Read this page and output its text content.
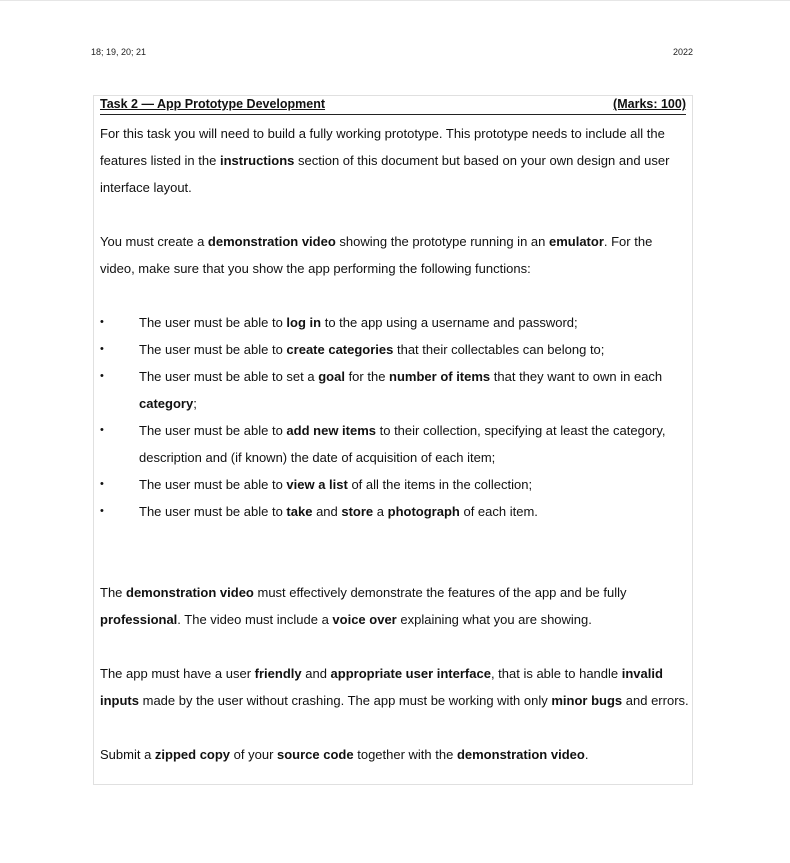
18; 19, 20; 21	2022
Task 2 — App Prototype Development	(Marks: 100)

For this task you will need to build a fully working prototype. This prototype needs to include all the features listed in the instructions section of this document but based on your own design and user interface layout.

You must create a demonstration video showing the prototype running in an emulator. For the video, make sure that you show the app performing the following functions:

•	The user must be able to log in to the app using a username and password;
•	The user must be able to create categories that their collectables can belong to;
•	The user must be able to set a goal for the number of items that they want to own in each category;
•	The user must be able to add new items to their collection, specifying at least the category, description and (if known) the date of acquisition of each item;
•	The user must be able to view a list of all the items in the collection;
•	The user must be able to take and store a photograph of each item.

The demonstration video must effectively demonstrate the features of the app and be fully professional. The video must include a voice over explaining what you are showing.

The app must have a user friendly and appropriate user interface, that is able to handle invalid inputs made by the user without crashing. The app must be working with only minor bugs and errors.

Submit a zipped copy of your source code together with the demonstration video.
